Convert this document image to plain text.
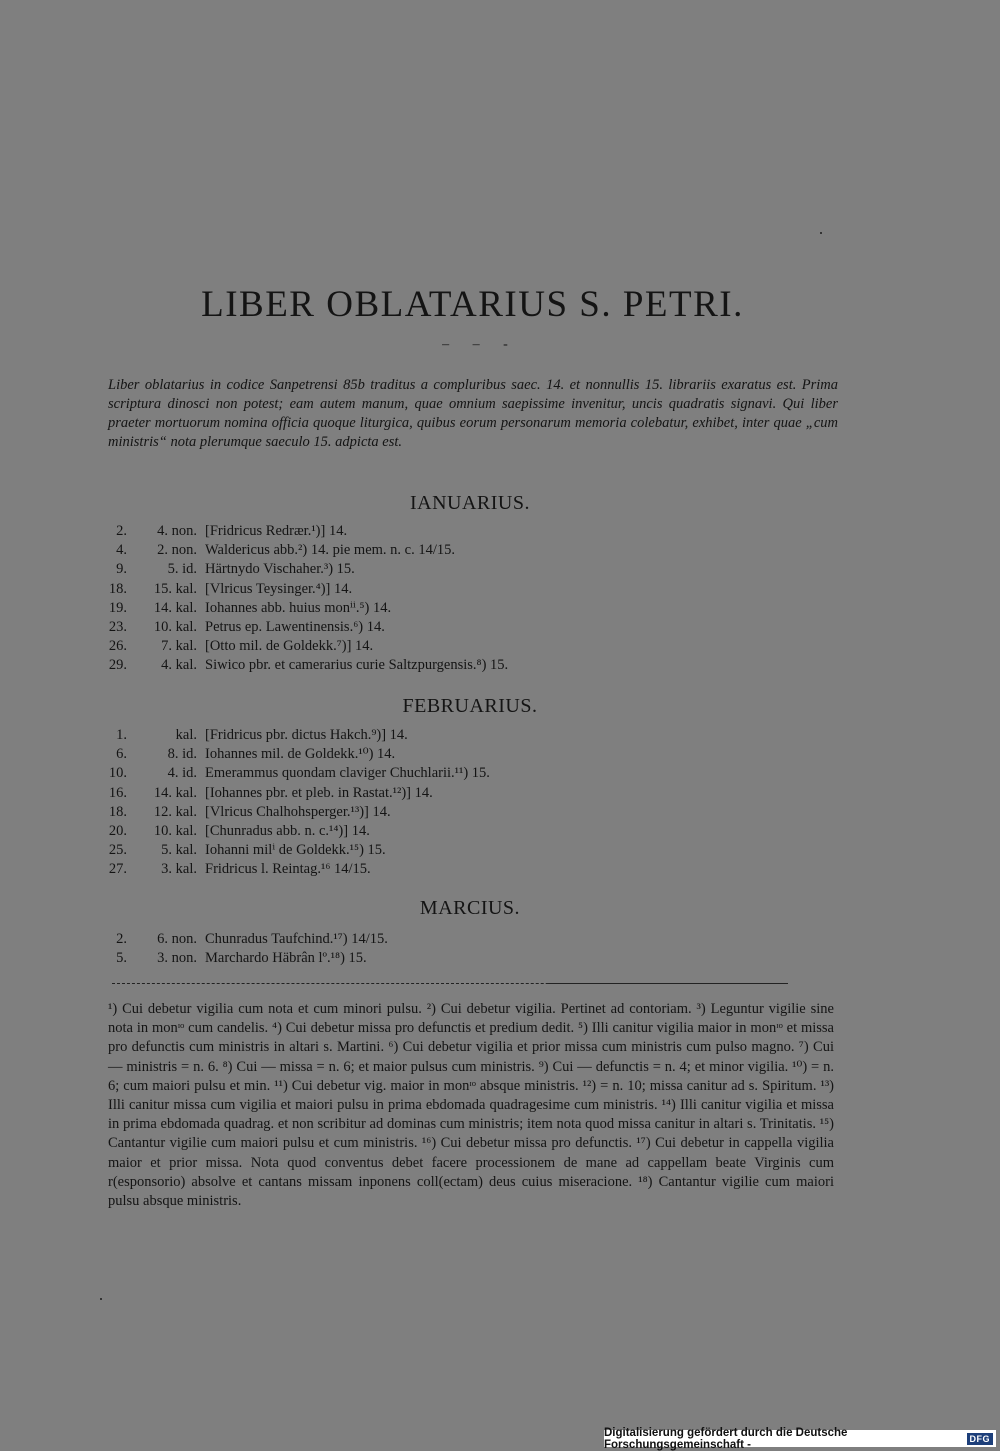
LIBER OBLATARIUS S. PETRI.
– – -
Liber oblatarius in codice Sanpetrensi 85b traditus a compluribus saec. 14. et nonnullis 15. librariis exaratus est. Prima scriptura dinosci non potest; eam autem manum, quae omnium saepissime invenitur, uncis quadratis signavi. Qui liber praeter mortuorum nomina officia quoque liturgica, quibus eorum personarum memoria colebatur, exhibet, inter quae „cum ministris“ nota plerumque saeculo 15. adpicta est.
IANUARIUS.
2.	4. non. [Fridricus Redrær.¹)] 14.
4.	2. non. Waldericus abb.²) 14. pie mem. n. c. 14/15.
9.	5. id. Härtnydo Vischaher.³) 15.
18.	15. kal. [Vlricus Teysinger.⁴)] 14.
19.	14. kal. Iohannes abb. huius monⁱⁱ.⁵) 14.
23.	10. kal. Petrus ep. Lawentinensis.⁶) 14.
26.	7. kal. [Otto mil. de Goldekk.⁷)] 14.
29.	4. kal. Siwico pbr. et camerarius curie Saltzpurgensis.⁸) 15.
FEBRUARIUS.
1.	kal. [Fridricus pbr. dictus Hakch.⁹)] 14.
6.	8. id. Iohannes mil. de Goldekk.¹⁰) 14.
10.	4. id. Emerammus quondam claviger Chuchlarii.¹¹) 15.
16.	14. kal. [Iohannes pbr. et pleb. in Rastat.¹²)] 14.
18.	12. kal. [Vlricus Chalhohsperger.¹³)] 14.
20.	10. kal. [Chunradus abb. n. c.¹⁴)] 14.
25.	5. kal. Iohanni milⁱ de Goldekk.¹⁵) 15.
27.	3. kal. Fridricus l. Reintag.¹⁶ 14/15.
MARCIUS.
2.	6. non. Chunradus Taufchind.¹⁷) 14/15.
5.	3. non. Marchardo Häbrân lº.¹⁸) 15.
¹) Cui debetur vigilia cum nota et cum minori pulsu. ²) Cui debetur vigilia. Pertinet ad contoriam. ³) Leguntur vigilie sine nota in monᶦᵒ cum candelis. ⁴) Cui debetur missa pro defunctis et predium dedit. ⁵) Illi canitur vigilia maior in monᶦᵒ et missa pro defunctis cum ministris in altari s. Martini. ⁶) Cui debetur vigilia et prior missa cum ministris cum pulso magno. ⁷) Cui — ministris = n. 6. ⁸) Cui — missa = n. 6; et maior pulsus cum ministris. ⁹) Cui — defunctis = n. 4; et minor vigilia. ¹⁰) = n. 6; cum maiori pulsu et min. ¹¹) Cui debetur vig. maior in monᶦᵒ absque ministris. ¹²) = n. 10; missa canitur ad s. Spiritum. ¹³) Illi canitur missa cum vigilia et maiori pulsu in prima ebdomada quadragesime cum ministris. ¹⁴) Illi canitur vigilia et missa in prima ebdomada quadrag. et non scribitur ad dominas cum ministris; item nota quod missa canitur in altari s. Trinitatis. ¹⁵) Cantantur vigilie cum maiori pulsu et cum ministris. ¹⁶) Cui debetur missa pro defunctis. ¹⁷) Cui debetur in cappella vigilia maior et prior missa. Nota quod conventus debet facere processionem de mane ad cappellam beate Virginis cum r(esponsorio) absolve et cantans missam inponens coll(ectam) deus cuius miseracione. ¹⁸) Cantantur vigilie cum maiori pulsu absque ministris.
Digitalisierung gefördert durch die Deutsche Forschungsgemeinschaft -	DFG
